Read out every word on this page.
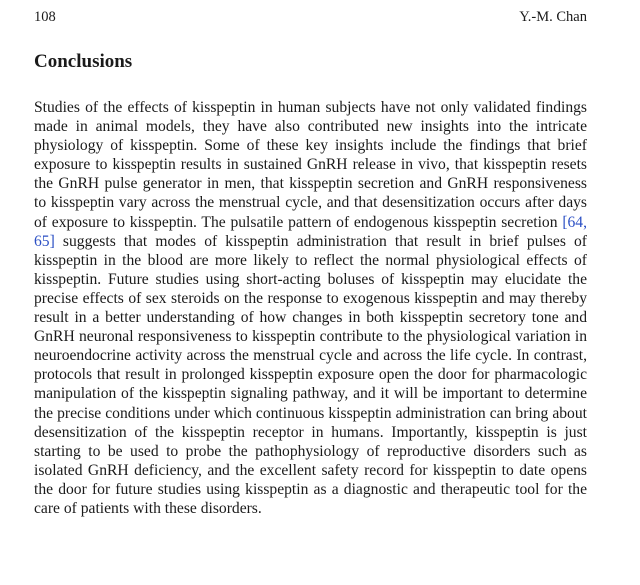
108	Y.-M. Chan
Conclusions

Studies of the effects of kisspeptin in human subjects have not only validated findings made in animal models, they have also contributed new insights into the intricate physiology of kisspeptin. Some of these key insights include the findings that brief exposure to kisspeptin results in sustained GnRH release in vivo, that kisspeptin resets the GnRH pulse generator in men, that kisspeptin secretion and GnRH responsiveness to kisspeptin vary across the menstrual cycle, and that desensitization occurs after days of exposure to kisspeptin. The pulsatile pattern of endogenous kisspeptin secretion [64, 65] suggests that modes of kisspeptin administration that result in brief pulses of kisspeptin in the blood are more likely to reflect the normal physiological effects of kisspeptin. Future studies using short-acting boluses of kisspeptin may elucidate the precise effects of sex steroids on the response to exogenous kisspeptin and may thereby result in a better understanding of how changes in both kisspeptin secretory tone and GnRH neuronal responsiveness to kisspeptin contribute to the physiological variation in neuroendocrine activity across the menstrual cycle and across the life cycle. In contrast, protocols that result in prolonged kisspeptin exposure open the door for pharmacologic manipulation of the kisspeptin signaling pathway, and it will be important to determine the precise conditions under which continuous kisspeptin administration can bring about desensitization of the kisspeptin receptor in humans. Importantly, kisspeptin is just starting to be used to probe the pathophysiology of reproductive disorders such as isolated GnRH deficiency, and the excellent safety record for kisspeptin to date opens the door for future studies using kisspeptin as a diagnostic and therapeutic tool for the care of patients with these disorders.
